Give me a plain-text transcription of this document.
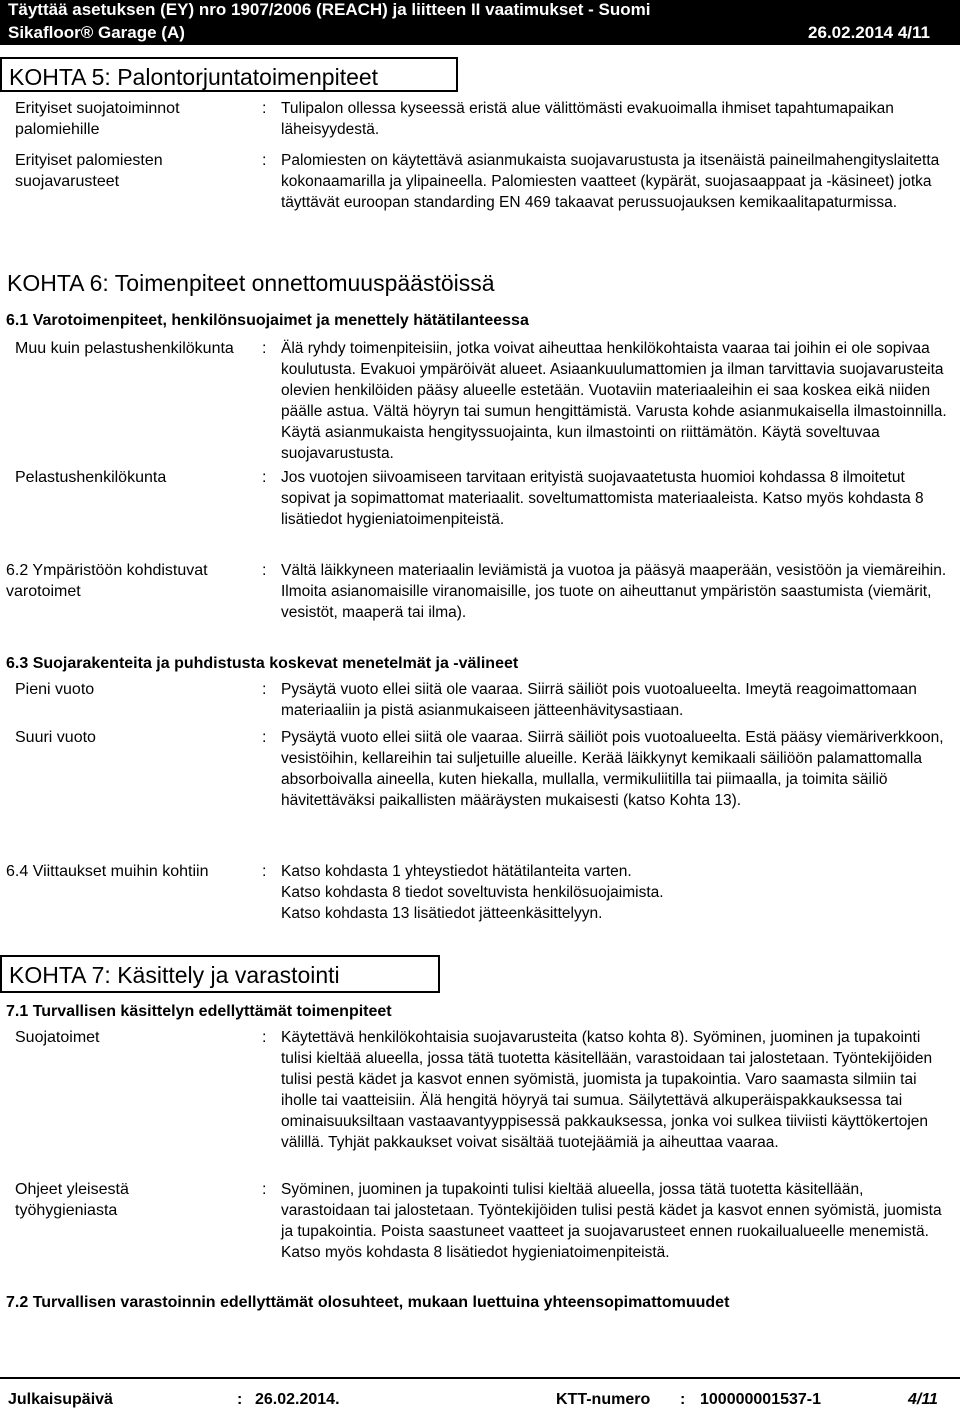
Täyttää asetuksen (EY) nro 1907/2006 (REACH) ja liitteen II vaatimukset - Suomi
Sikafloor® Garage (A)	26.02.2014 4/11
KOHTA 5: Palontorjuntatoimenpiteet
Erityiset suojatoiminnot palomiehille
: Tulipalon ollessa kyseessä eristä alue välittömästi evakuoimalla ihmiset tapahtumapaikan läheisyydestä.
Erityiset palomiesten suojavarusteet
: Palomiesten on käytettävä asianmukaista suojavarustusta ja itsenäistä paineilmahengityslaitetta kokonaamarilla ja ylipaineella. Palomiesten vaatteet (kypärät, suojasaappaat ja -käsineet) jotka täyttävät euroopan standarding EN 469 takaavat perussuojauksen kemikaalitapaturmissa.
KOHTA 6: Toimenpiteet onnettomuuspäästöissä
6.1 Varotoimenpiteet, henkilönsuojaimet ja menettely hätätilanteessa
Muu kuin pelastushenkilökunta	: Älä ryhdy toimenpiteisiin, jotka voivat aiheuttaa henkilökohtaista vaaraa tai joihin ei ole sopivaa koulutusta. Evakuoi ympäröivät alueet. Asiaankuulumattomien ja ilman tarvittavia suojavarusteita olevien henkilöiden pääsy alueelle estetään. Vuotaviin materiaaleihin ei saa koskea eikä niiden päälle astua. Vältä höyryn tai sumun hengittämistä. Varusta kohde asianmukaisella ilmastoinnilla. Käytä asianmukaista hengityssuojainta, kun ilmastointi on riittämätön. Käytä soveltuvaa suojavarustusta.
Pelastushenkilökunta	: Jos vuotojen siivoamiseen tarvitaan erityistä suojavaatetusta huomioi kohdassa 8 ilmoitetut sopivat ja sopimattomat materiaalit. soveltumattomista materiaaleista. Katso myös kohdasta 8 lisätiedot hygieniatoimenpiteistä.
6.2 Ympäristöön kohdistuvat varotoimet
: Vältä läikkyneen materiaalin leviämistä ja vuotoa ja pääsyä maaperään, vesistöön ja viemäreihin. Ilmoita asianomaisille viranomaisille, jos tuote on aiheuttanut ympäristön saastumista (viemärit, vesistöt, maaperä tai ilma).
6.3 Suojarakenteita ja puhdistusta koskevat menetelmät ja -välineet
Pieni vuoto	: Pysäytä vuoto ellei siitä ole vaaraa. Siirrä säiliöt pois vuotoalueelta. Imeytä reagoimattomaan materiaaliin ja pistä asianmukaiseen jätteenhävitysastiaan.
Suuri vuoto	: Pysäytä vuoto ellei siitä ole vaaraa. Siirrä säiliöt pois vuotoalueelta. Estä pääsy viemäriverkkoon, vesistöihin, kellareihin tai suljetuille alueille. Kerää läikkynyt kemikaali säiliöön palamattomalla absorboivalla aineella, kuten hiekalla, mullalla, vermikuliitilla tai piimaalla, ja toimita säiliö hävitettäväksi paikallisten määräysten mukaisesti (katso Kohta 13).
6.4 Viittaukset muihin kohtiin	: Katso kohdasta 1 yhteystiedot hätätilanteita varten.
Katso kohdasta 8 tiedot soveltuvista henkilösuojaimista.
Katso kohdasta 13 lisätiedot jätteenkäsittelyyn.
KOHTA 7: Käsittely ja varastointi
7.1 Turvallisen käsittelyn edellyttämät toimenpiteet
Suojatoimet	: Käytettävä henkilökohtaisia suojavarusteita (katso kohta 8). Syöminen, juominen ja tupakointi tulisi kieltää alueella, jossa tätä tuotetta käsitellään, varastoidaan tai jalostetaan. Työntekijöiden tulisi pestä kädet ja kasvot ennen syömistä, juomista ja tupakointia. Varo saamasta silmiin tai iholle tai vaatteisiin. Älä hengitä höyryä tai sumua. Säilytettävä alkuperäispakkauksessa tai ominaisuuksiltaan vastaavantyyppisessä pakkauksessa, jonka voi sulkea tiiviisti käyttökertojen välillä. Tyhjät pakkaukset voivat sisältää tuotejäämiä ja aiheuttaa vaaraa.
Ohjeet yleisestä työhygieniasta
: Syöminen, juominen ja tupakointi tulisi kieltää alueella, jossa tätä tuotetta käsitellään, varastoidaan tai jalostetaan. Työntekijöiden tulisi pestä kädet ja kasvot ennen syömistä, juomista ja tupakointia. Poista saastuneet vaatteet ja suojavarusteet ennen ruokailualueelle menemistä. Katso myös kohdasta 8 lisätiedot hygieniatoimenpiteistä.
7.2 Turvallisen varastoinnin edellyttämät olosuhteet, mukaan luettuina yhteensopimattomuudet
Julkaisupäivä	: 26.02.2014.	KTT-numero : 100000001537-1	4/11
